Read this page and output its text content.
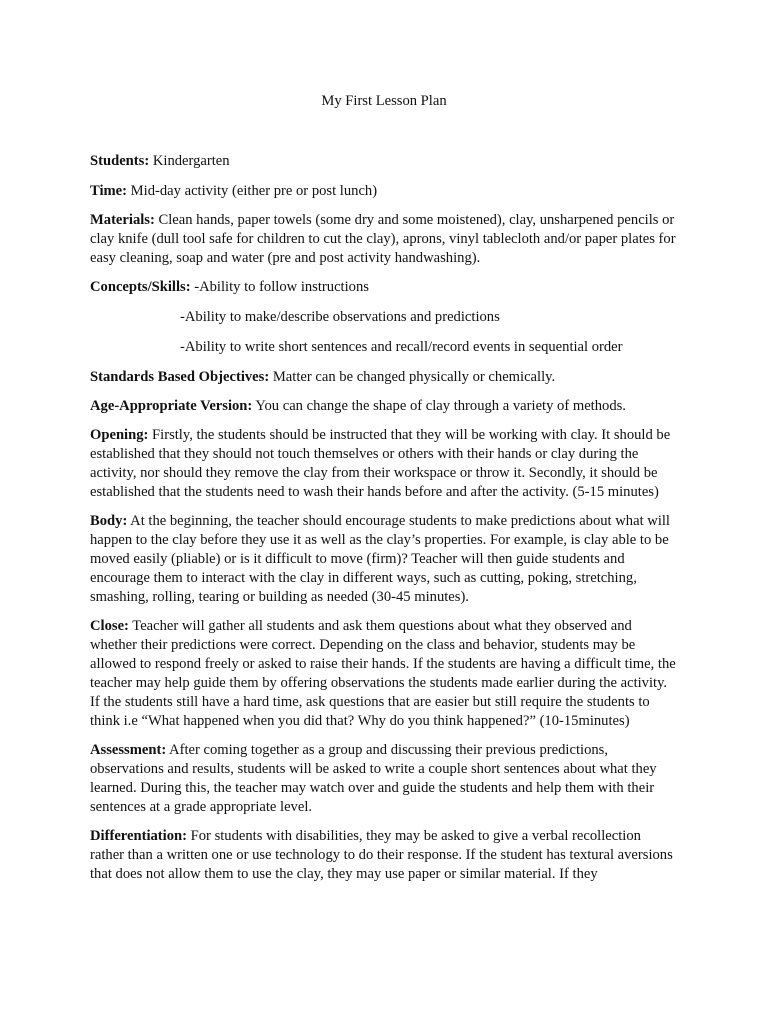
My First Lesson Plan

Students: Kindergarten

Time: Mid-day activity (either pre or post lunch)

Materials: Clean hands, paper towels (some dry and some moistened), clay, unsharpened pencils or clay knife (dull tool safe for children to cut the clay), aprons, vinyl tablecloth and/or paper plates for easy cleaning, soap and water (pre and post activity handwashing).

Concepts/Skills: -Ability to follow instructions

-Ability to make/describe observations and predictions

-Ability to write short sentences and recall/record events in sequential order

Standards Based Objectives: Matter can be changed physically or chemically.

Age-Appropriate Version: You can change the shape of clay through a variety of methods.

Opening: Firstly, the students should be instructed that they will be working with clay. It should be established that they should not touch themselves or others with their hands or clay during the activity, nor should they remove the clay from their workspace or throw it. Secondly, it should be established that the students need to wash their hands before and after the activity. (5-15 minutes)

Body: At the beginning, the teacher should encourage students to make predictions about what will happen to the clay before they use it as well as the clay’s properties. For example, is clay able to be moved easily (pliable) or is it difficult to move (firm)? Teacher will then guide students and encourage them to interact with the clay in different ways, such as cutting, poking, stretching, smashing, rolling, tearing or building as needed (30-45 minutes).

Close: Teacher will gather all students and ask them questions about what they observed and whether their predictions were correct. Depending on the class and behavior, students may be allowed to respond freely or asked to raise their hands. If the students are having a difficult time, the teacher may help guide them by offering observations the students made earlier during the activity. If the students still have a hard time, ask questions that are easier but still require the students to think i.e “What happened when you did that? Why do you think happened?” (10-15minutes)

Assessment: After coming together as a group and discussing their previous predictions, observations and results, students will be asked to write a couple short sentences about what they learned. During this, the teacher may watch over and guide the students and help them with their sentences at a grade appropriate level.

Differentiation: For students with disabilities, they may be asked to give a verbal recollection rather than a written one or use technology to do their response. If the student has textural aversions that does not allow them to use the clay, they may use paper or similar material. If they
